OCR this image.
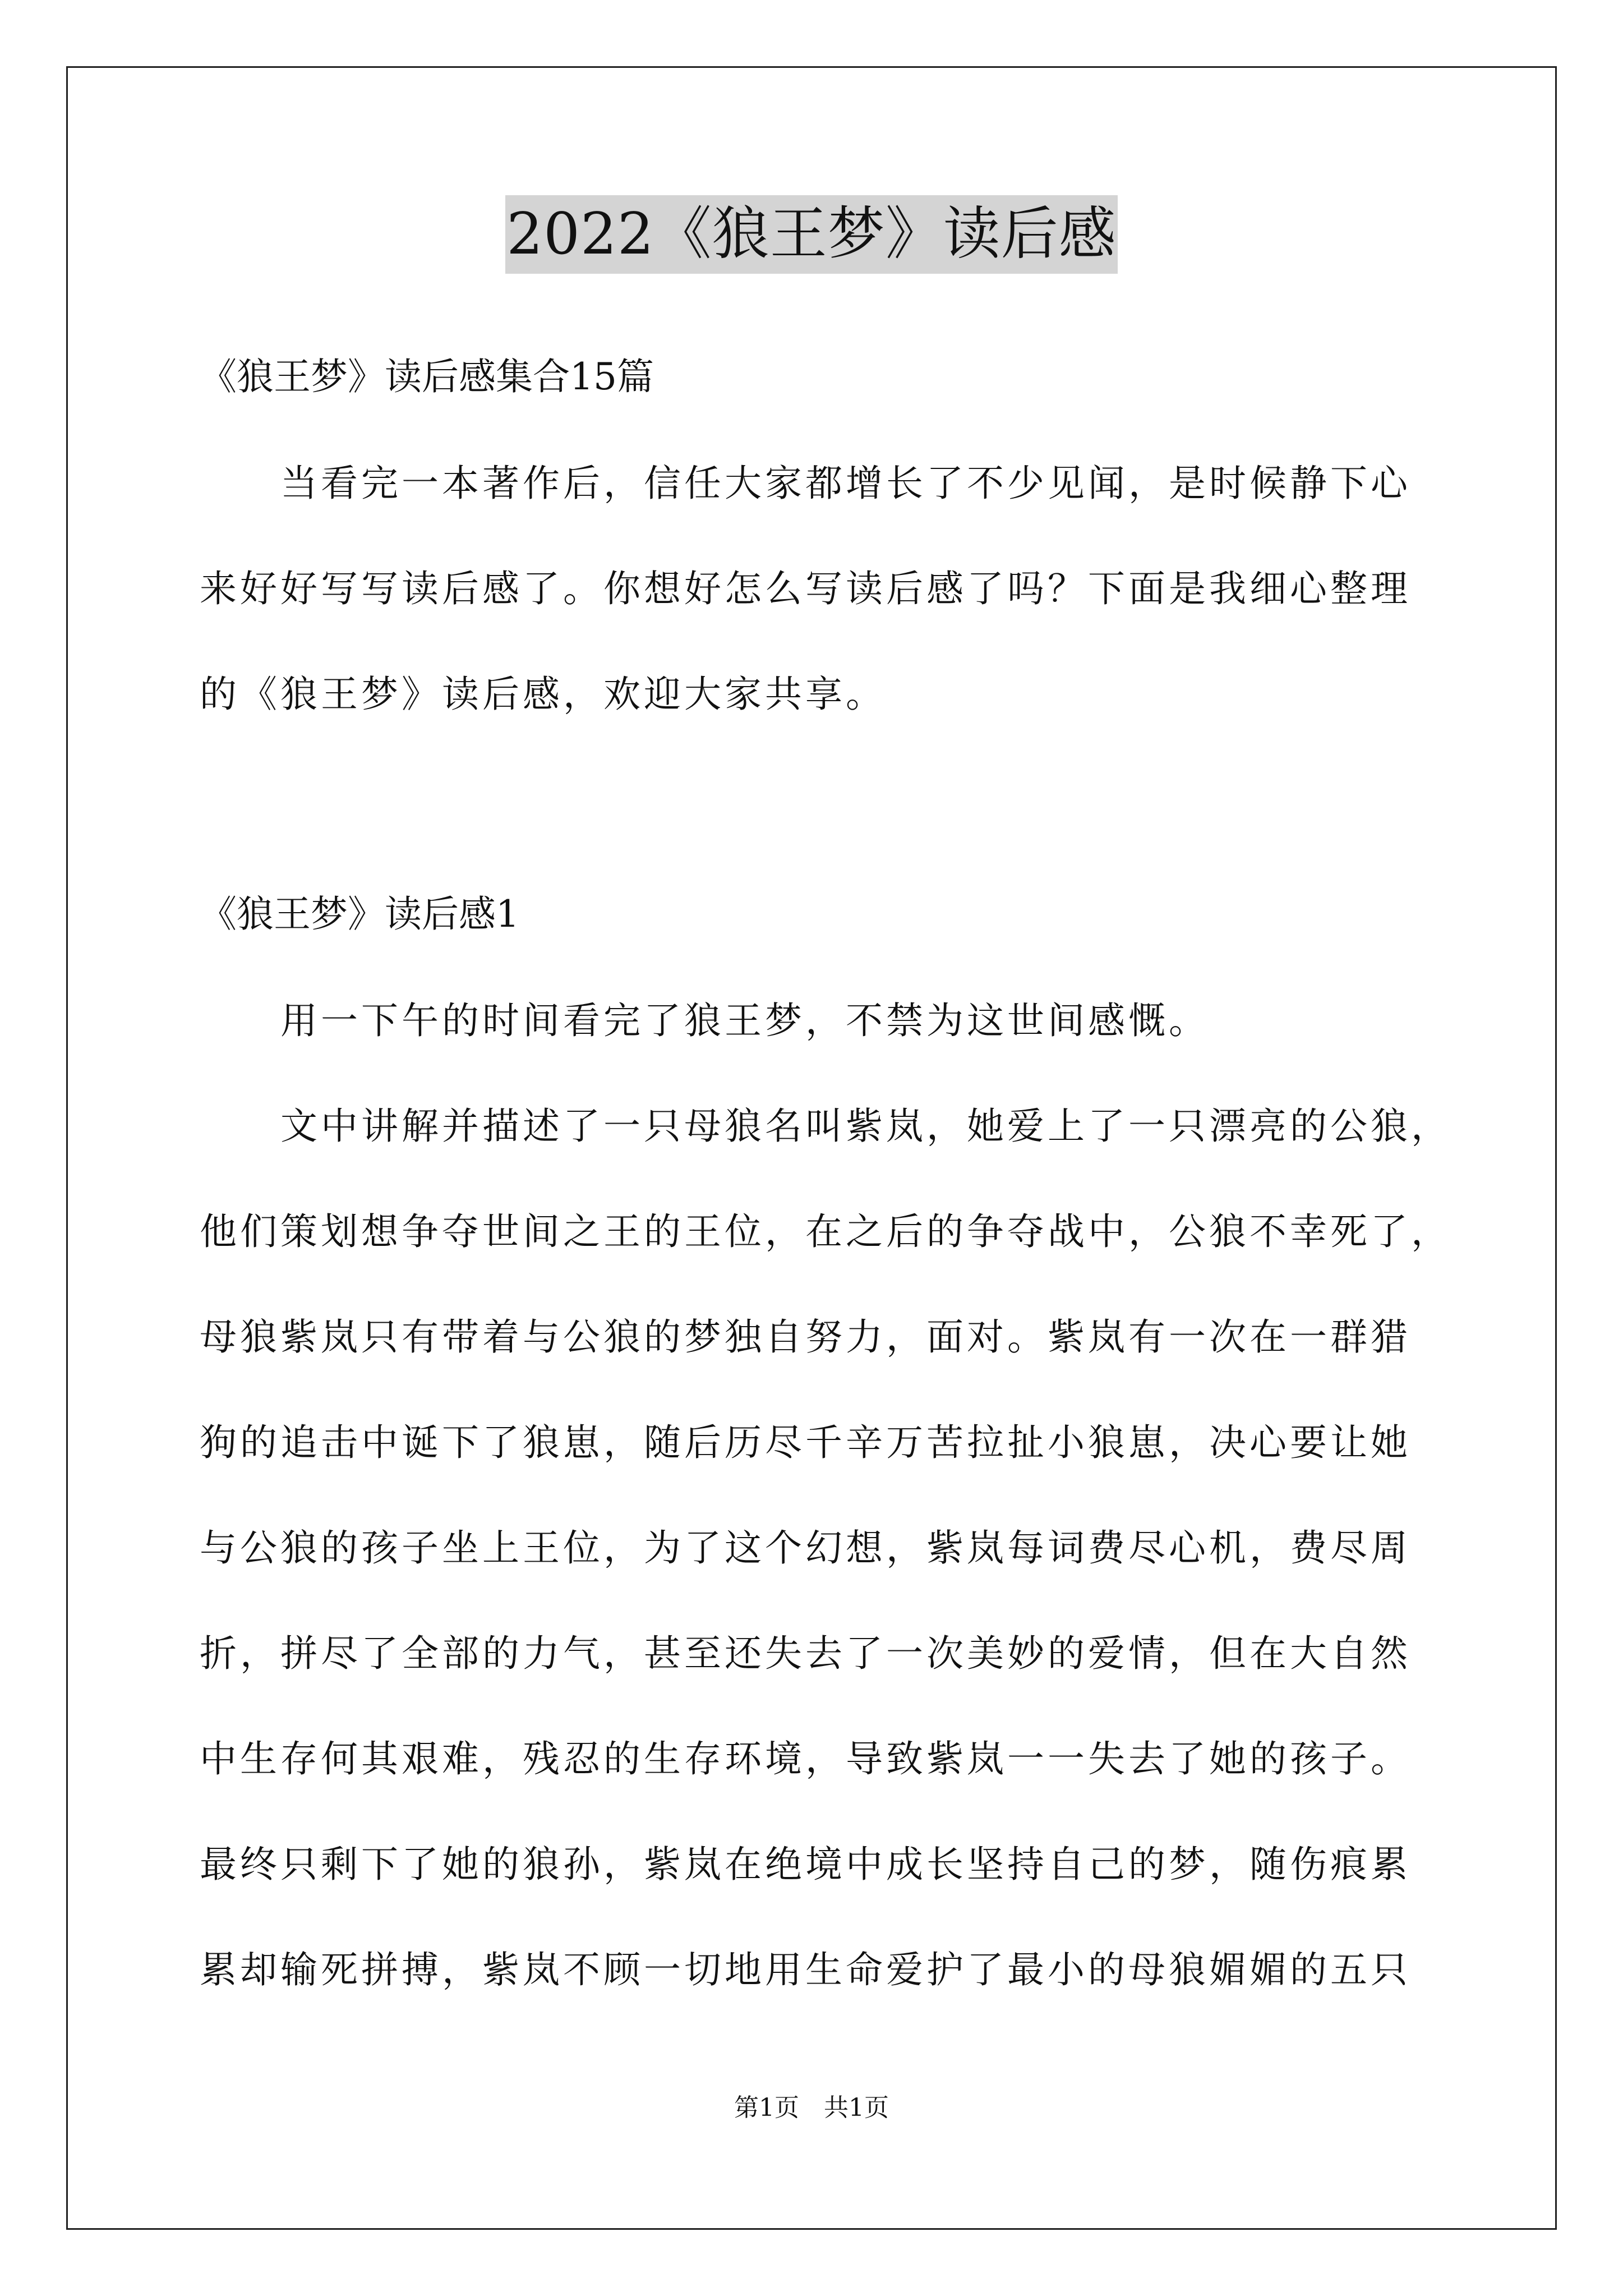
2022《狼王梦》读后感
《狼王梦》读后感集合15篇
当看完一本著作后，信任大家都增长了不少见闻，是时候静下心
来好好写写读后感了。你想好怎么写读后感了吗？下面是我细心整理
的《狼王梦》读后感，欢迎大家共享。
《狼王梦》读后感1
用一下午的时间看完了狼王梦，不禁为这世间感慨。
文中讲解并描述了一只母狼名叫紫岚，她爱上了一只漂亮的公狼，
他们策划想争夺世间之王的王位，在之后的争夺战中，公狼不幸死了，
母狼紫岚只有带着与公狼的梦独自努力，面对。紫岚有一次在一群猎
狗的追击中诞下了狼崽，随后历尽千辛万苦拉扯小狼崽，决心要让她
与公狼的孩子坐上王位，为了这个幻想，紫岚每词费尽心机，费尽周
折，拼尽了全部的力气，甚至还失去了一次美妙的爱情，但在大自然
中生存何其艰难，残忍的生存环境，导致紫岚一一失去了她的孩子。
最终只剩下了她的狼孙，紫岚在绝境中成长坚持自己的梦，随伤痕累
累却输死拼搏，紫岚不顾一切地用生命爱护了最小的母狼媚媚的五只
第1页　共1页
